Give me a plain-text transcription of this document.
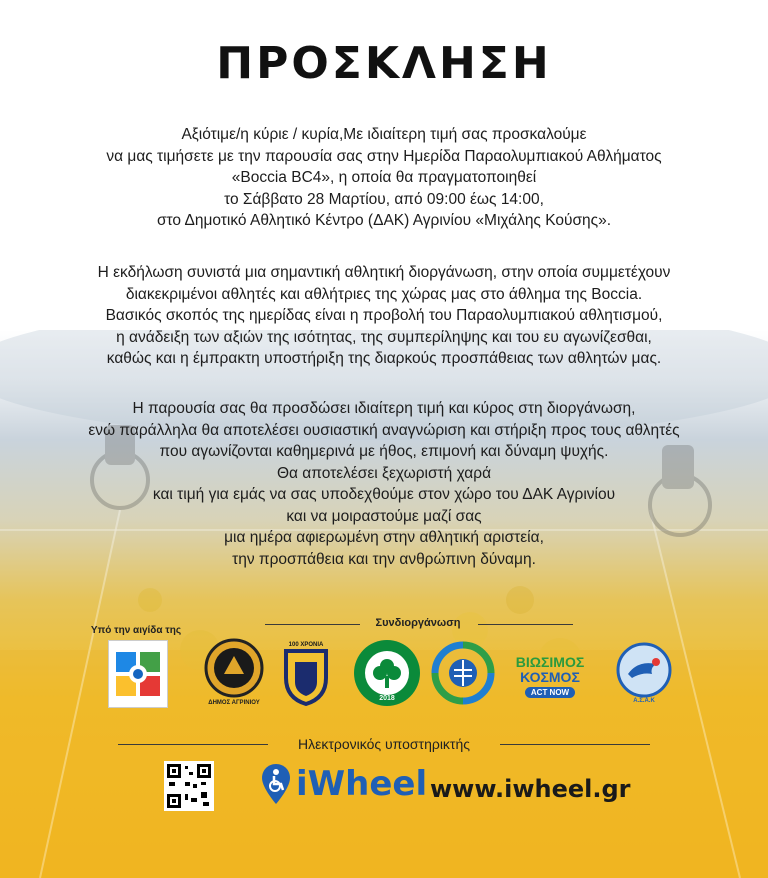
ΠΡΟΣΚΛΗΣΗ
Αξιότιμε/η κύριε / κυρία,Με ιδιαίτερη τιμή σας προσκαλούμε
να μας τιμήσετε με την παρουσία σας στην Ημερίδα Παραολυμπιακού Αθλήματος
«Boccia BC4», η οποία θα πραγματοποιηθεί
το Σάββατο 28 Μαρτίου, από 09:00 έως 14:00,
στο Δημοτικό Αθλητικό Κέντρο (ΔΑΚ) Αγρινίου «Μιχάλης Κούσης».
Η εκδήλωση συνιστά μια σημαντική αθλητική διοργάνωση, στην οποία συμμετέχουν
διακεκριμένοι αθλητές και αθλήτριες της χώρας μας στο άθλημα της Boccia.
Βασικός σκοπός της ημερίδας είναι η προβολή του Παραολυμπιακού αθλητισμού,
η ανάδειξη των αξιών της ισότητας, της συμπερίληψης και του ευ αγωνίζεσθαι,
καθώς και η έμπρακτη υποστήριξη της διαρκούς προσπάθειας των αθλητών μας.
Η παρουσία σας θα προσδώσει ιδιαίτερη τιμή και κύρος στη διοργάνωση,
ενώ παράλληλα θα αποτελέσει ουσιαστική αναγνώριση και στήριξη προς τους αθλητές
που αγωνίζονται καθημερινά με ήθος, επιμονή και δύναμη ψυχής.
Θα αποτελέσει ξεχωριστή χαρά
και τιμή για εμάς να σας υποδεχθούμε στον χώρο του ΔΑΚ Αγρινίου
και να μοιραστούμε μαζί σας
μια ημέρα αφιερωμένη στην αθλητική αριστεία,
την προσπάθεια και την ανθρώπινη δύναμη.
Υπό την αιγίδα της
Συνδιοργάνωση
ΔΗΜΟΣ ΑΓΡΙΝΙΟΥ
100 ΧΡΟΝΙΑ
2018
ΒΙΩΣΙΜΟΣ
ΚΟΣΜΟΣ
ACT NOW
Α.Σ.Α.Κ
Ηλεκτρονικός υποστηρικτής
iWheel www.iwheel.gr
